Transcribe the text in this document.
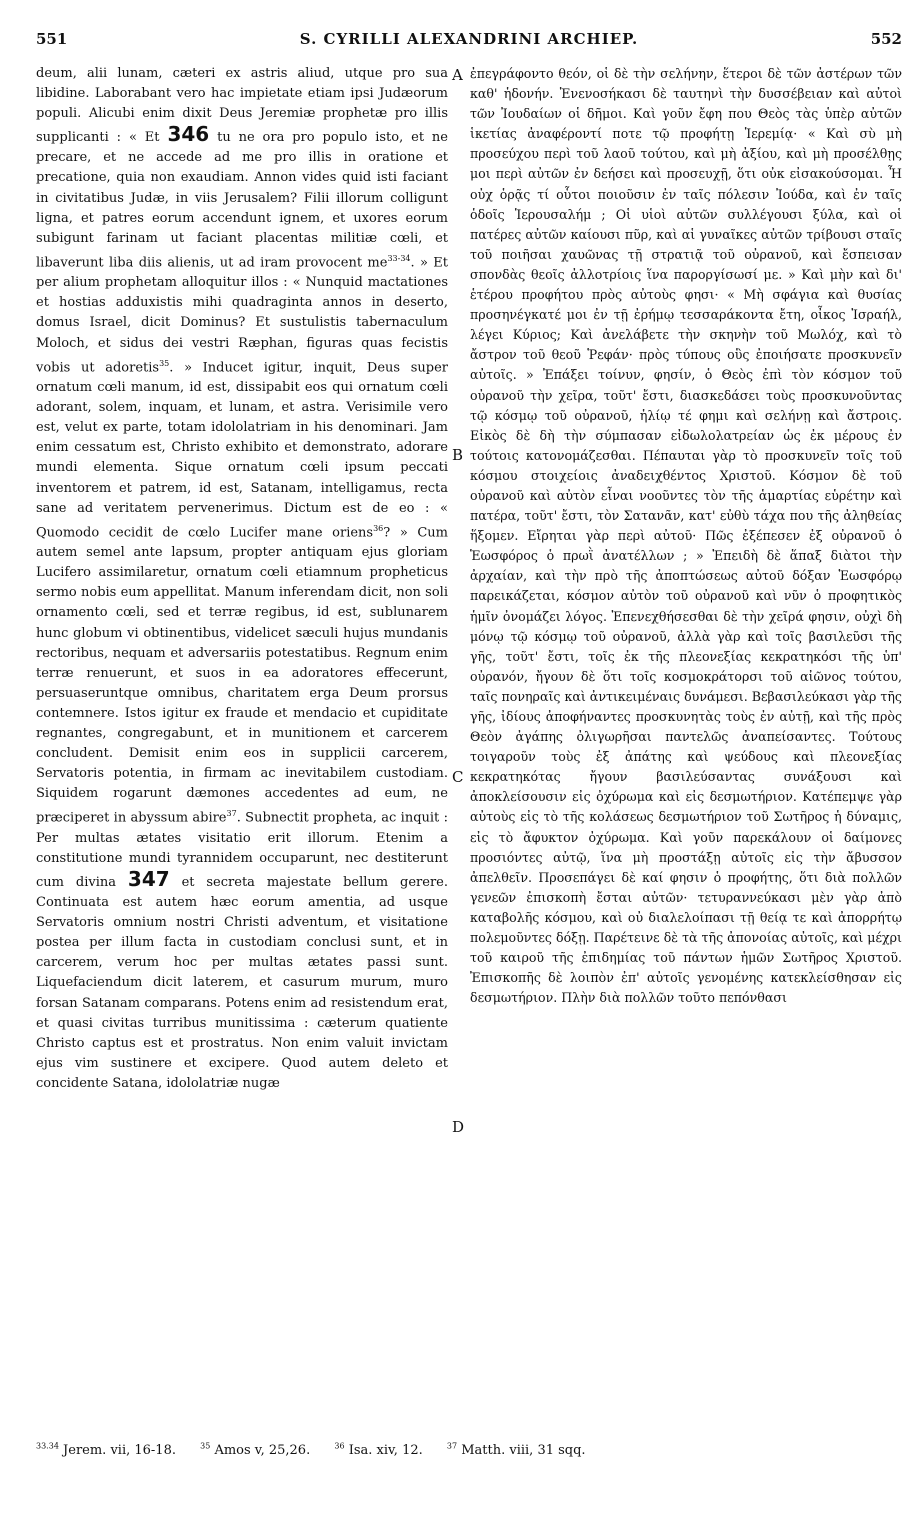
551	S. CYRILLI ALEXANDRINI ARCHIEP.	552

deum, alii lunam, cæteri ex astris aliud, utque pro sua libidine. Laborabant vero hac impietate etiam ipsi Judæorum populi. Alicubi enim dixit Deus Jeremiæ prophetæ pro illis supplicanti : « Et 346 tu ne ora pro populo isto, et ne precare, et ne accede ad me pro illis in oratione et precatione, quia non exaudiam. Annon vides quid isti faciant in civitatibus Judæ, in viis Jerusalem? Filii illorum colligunt ligna, et patres eorum accendunt ignem, et uxores eorum subigunt farinam ut faciant placentas militiæ cœli, et libaverunt liba diis alienis, ut ad iram provocent $me^{33-34}$. » Et per alium prophetam alloquitur illos : « Nunquid mactationes et hostias adduxistis mihi quadraginta annos in deserto, domus Israel, dicit Dominus? Et sustulistis tabernaculum Moloch, et sidus dei vestri Ræphan, figuras quas fecistis vobis ut adoretis$^{35}$. » Inducet igitur, inquit, Deus super ornatum cœli manum, id est, dissipabit eos qui ornatum cœli adorant, solem, inquam, et lunam, et astra. Verisimile vero est, velut ex parte, totam idololatriam in his denominari. Jam enim cessatum est, Christo exhibito et demonstrato, adorare mundi elementa. Sique ornatum cœli ipsum peccati inventorem et patrem, id est, Satanam, intelligamus, recta sane ad veritatem pervenerimus. Dictum est de eo : « Quomodo cecidit de cœlo Lucifer mane oriens$^{36}$? » Cum autem semel ante lapsum, propter antiquam ejus gloriam Lucifero assimilaretur, ornatum cœli etiamnum propheticus sermo nobis eum appellitat. Manum inferendam dicit, non soli ornamento cœli, sed et terræ regibus, id est, sublunarem hunc globum vi obtinentibus, videlicet sæculi hujus mundanis rectoribus, nequam et adversariis potestatibus. Regnum enim terræ renuerunt, et suos in ea adoratores effecerunt, persuaseruntque omnibus, charitatem erga Deum prorsus contemnere. Istos igitur ex fraude et mendacio et cupiditate regnantes, congregabunt, et in munitionem et carcerem concludent. Demisit enim eos in supplicii carcerem, Servatoris potentia, in firmam ac inevitabilem custodiam. Siquidem rogarunt dæmones accedentes ad eum, ne præciperet in abyssum abire$^{37}$. Subnectit propheta, ac inquit : Per multas ætates visitatio erit illorum. Etenim a constitutione mundi tyrannidem occuparunt, nec destiterunt cum divina 347 et secreta majestate bellum gerere. Continuata est autem hæc eorum amentia, ad usque Servatoris omnium nostri Christi adventum, et visitatione postea per illum facta in custodiam conclusi sunt, et in carcerem, verum hoc per multas ætates passi sunt. Liquefaciendum dicit laterem, et casurum murum, muro forsan Satanam comparans. Potens enim ad resistendum erat, et quasi civitas turribus munitissima : cæterum quatiente Christo captus est et prostratus. Non enim valuit invictam ejus vim sustinere et excipere. Quod autem deleto et concidente Satana, idololatriæ nugæ

A
B
C
D

ἐπεγράφοντο θεόν, οἱ δὲ τὴν σελήνην, ἕτεροι δὲ τῶν ἀστέρων τῶν καθ' ἡδονήν. Ἐνενοσήκασι δὲ ταυτηνὶ τὴν δυσσέβειαν καὶ αὐτοὶ τῶν Ἰουδαίων οἱ δῆμοι. Καὶ γοῦν ἔφη που Θεὸς τὰς ὑπὲρ αὐτῶν ἱκετίας ἀναφέροντί ποτε τῷ προφήτῃ Ἱερεμίᾳ· « Καὶ σὺ μὴ προσεύχου περὶ τοῦ λαοῦ τούτου, καὶ μὴ ἀξίου, καὶ μὴ προσέλθῃς μοι περὶ αὐτῶν ἐν δεήσει καὶ προσευχῇ, ὅτι οὐκ εἰσακούσομαι. Ἦ οὐχ ὁρᾷς τί οὗτοι ποιοῦσιν ἐν ταῖς πόλεσιν Ἰούδα, καὶ ἐν ταῖς ὁδοῖς Ἱερουσαλήμ ; Οἱ υἱοὶ αὐτῶν συλλέγουσι ξύλα, καὶ οἱ πατέρες αὐτῶν καίουσι πῦρ, καὶ αἱ γυναῖκες αὐτῶν τρίβουσι σταῖς τοῦ ποιῆσαι χαυῶνας τῇ στρατιᾷ τοῦ οὐρανοῦ, καὶ ἔσπεισαν σπονδὰς θεοῖς ἀλλοτρίοις ἵνα παροργίσωσί με. » Καὶ μὴν καὶ δι' ἑτέρου προφήτου πρὸς αὐτοὺς φησι· « Μὴ σφάγια καὶ θυσίας προσηνέγκατέ μοι ἐν τῇ ἐρήμῳ τεσσαράκοντα ἔτη, οἶκος Ἰσραήλ, λέγει Κύριος; Καὶ ἀνελάβετε τὴν σκηνὴν τοῦ Μωλόχ, καὶ τὸ ἄστρον τοῦ θεοῦ Ῥεφάν· πρὸς τύπους οὓς ἐποιήσατε προσκυνεῖν αὐτοῖς. » Ἐπάξει τοίνυν, φησίν, ὁ Θεὸς ἐπὶ τὸν κόσμον τοῦ οὐρανοῦ τὴν χεῖρα, τοῦτ' ἔστι, διασκεδάσει τοὺς προσκυνοῦντας τῷ κόσμῳ τοῦ οὐρανοῦ, ἡλίῳ τέ φημι καὶ σελήνῃ καὶ ἄστροις. Εἰκὸς δὲ δὴ τὴν σύμπασαν εἰδωλολατρείαν ὡς ἐκ μέρους ἐν τούτοις κατονομάζεσθαι. Πέπαυται γὰρ τὸ προσκυνεῖν τοῖς τοῦ κόσμου στοιχείοις ἀναδειχθέντος Χριστοῦ. Κόσμον δὲ τοῦ οὐρανοῦ καὶ αὐτὸν εἶναι νοοῦντες τὸν τῆς ἁμαρτίας εὑρέτην καὶ πατέρα, τοῦτ' ἔστι, τὸν Σατανᾶν, κατ' εὐθὺ τάχα που τῆς ἀληθείας ἥξομεν. Εἴρηται γὰρ περὶ αὐτοῦ· Πῶς ἐξέπεσεν ἐξ οὐρανοῦ ὁ Ἑωσφόρος ὁ πρωῒ ἀνατέλλων ; » Ἐπειδὴ δὲ ἅπαξ διὰτοι τὴν ἀρχαίαν, καὶ τὴν πρὸ τῆς ἀποπτώσεως αὐτοῦ δόξαν Ἑωσφόρῳ παρεικάζεται, κόσμον αὐτὸν τοῦ οὐρανοῦ καὶ νῦν ὁ προφητικὸς ἡμῖν ὀνομάζει λόγος. Ἐπενεχθήσεσθαι δὲ τὴν χεῖρά φησιν, οὐχὶ δὴ μόνῳ τῷ κόσμῳ τοῦ οὐρανοῦ, ἀλλὰ γὰρ καὶ τοῖς βασιλεῦσι τῆς γῆς, τοῦτ' ἔστι, τοῖς ἐκ τῆς πλεονεξίας κεκρατηκόσι τῆς ὑπ' οὐρανόν, ἤγουν δὲ ὅτι τοῖς κοσμοκράτορσι τοῦ αἰῶνος τούτου, ταῖς πονηραῖς καὶ ἀντικειμέναις δυνάμεσι. Βεβασιλεύκασι γὰρ τῆς γῆς, ἰδίους ἀποφήναντες προσκυνητὰς τοὺς ἐν αὐτῇ, καὶ τῆς πρὸς Θεὸν ἀγάπης ὀλιγωρῆσαι παντελῶς ἀναπείσαντες. Τούτους τοιγαροῦν τοὺς ἐξ ἀπάτης καὶ ψεύδους καὶ πλεονεξίας κεκρατηκότας ἤγουν βασιλεύσαντας συνάξουσι καὶ ἀποκλείσουσιν εἰς ὀχύρωμα καὶ εἰς δεσμωτήριον. Κατέπεμψε γὰρ αὐτοὺς εἰς τὸ τῆς κολάσεως δεσμωτήριον τοῦ Σωτῆρος ἡ δύναμις, εἰς τὸ ἄφυκτον ὀχύρωμα. Καὶ γοῦν παρεκάλουν οἱ δαίμονες προσιόντες αὐτῷ, ἵνα μὴ προστάξῃ αὐτοῖς εἰς τὴν ἄβυσσον ἀπελθεῖν. Προσεπάγει δὲ καί φησιν ὁ προφήτης, ὅτι διὰ πολλῶν γενεῶν ἐπισκοπὴ ἔσται αὐτῶν· τετυραννεύκασι μὲν γὰρ ἀπὸ καταβολῆς κόσμου, καὶ οὐ διαλελοίπασι τῇ θείᾳ τε καὶ ἀπορρήτῳ πολεμοῦντες δόξῃ. Παρέτεινε δὲ τὰ τῆς ἀπονοίας αὐτοῖς, καὶ μέχρι τοῦ καιροῦ τῆς ἐπιδημίας τοῦ πάντων ἡμῶν Σωτῆρος Χριστοῦ. Ἐπισκοπῆς δὲ λοιπὸν ἐπ' αὐτοῖς γενομένης κατεκλείσθησαν εἰς δεσμωτήριον. Πλὴν διὰ πολλῶν τοῦτο πεπόνθασι

$^{33.34}$ Jerem. vii, 16-18.	$^{35}$ Amos v, 25,26.	$^{36}$ Isa. xiv, 12.	$^{37}$ Matth. viii, 31 sqq.
